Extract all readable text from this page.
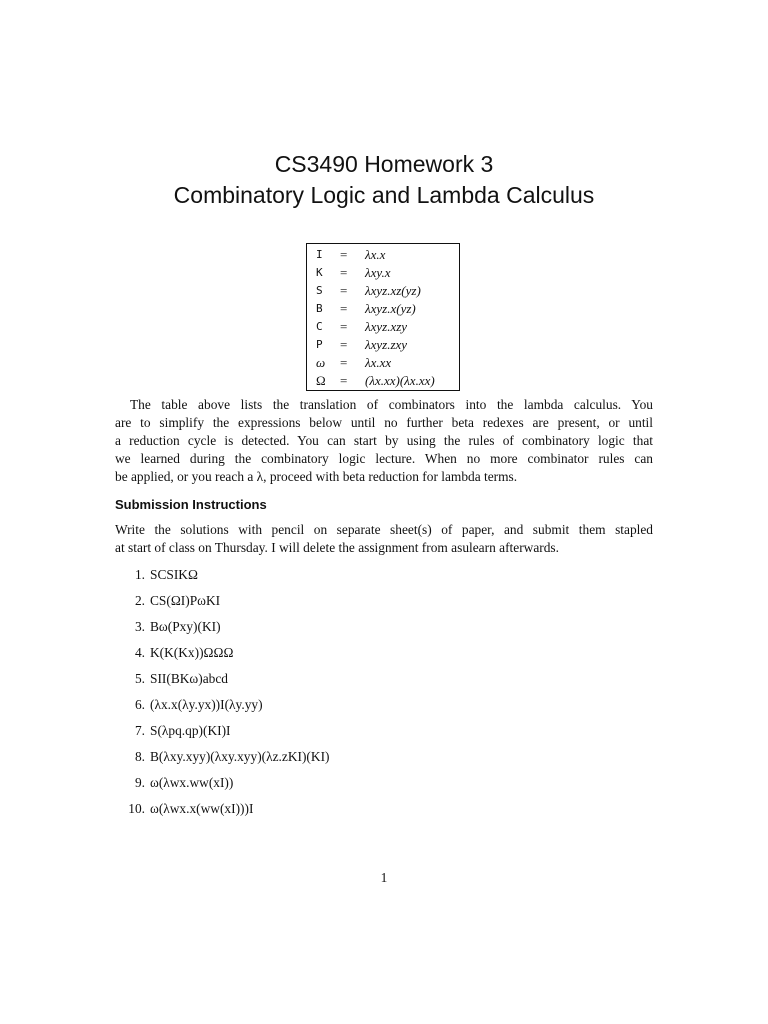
CS3490 Homework 3
Combinatory Logic and Lambda Calculus
I = λx.x
K = λxy.x
S = λxyz.xz(yz)
B = λxyz.x(yz)
C = λxyz.xzy
P = λxyz.zxy
ω = λx.xx
Ω = (λx.xx)(λx.xx)
The table above lists the translation of combinators into the lambda calculus. You
are to simplify the expressions below until no further beta redexes are present, or until
a reduction cycle is detected. You can start by using the rules of combinatory logic that
we learned during the combinatory logic lecture. When no more combinator rules can
be applied, or you reach a λ, proceed with beta reduction for lambda terms.
Submission Instructions
Write the solutions with pencil on separate sheet(s) of paper, and submit them stapled
at start of class on Thursday. I will delete the assignment from asulearn afterwards.
1. SCSIKΩ
2. CS(ΩI)PωKI
3. Bω(Pxy)(KI)
4. K(K(Kx))ΩΩΩ
5. SII(BKω)abcd
6. (λx.x(λy.yx))I(λy.yy)
7. S(λpq.qp)(KI)I
8. B(λxy.xyy)(λxy.xyy)(λz.zKI)(KI)
9. ω(λwx.ww(xI))
10. ω(λwx.x(ww(xI)))I
1
